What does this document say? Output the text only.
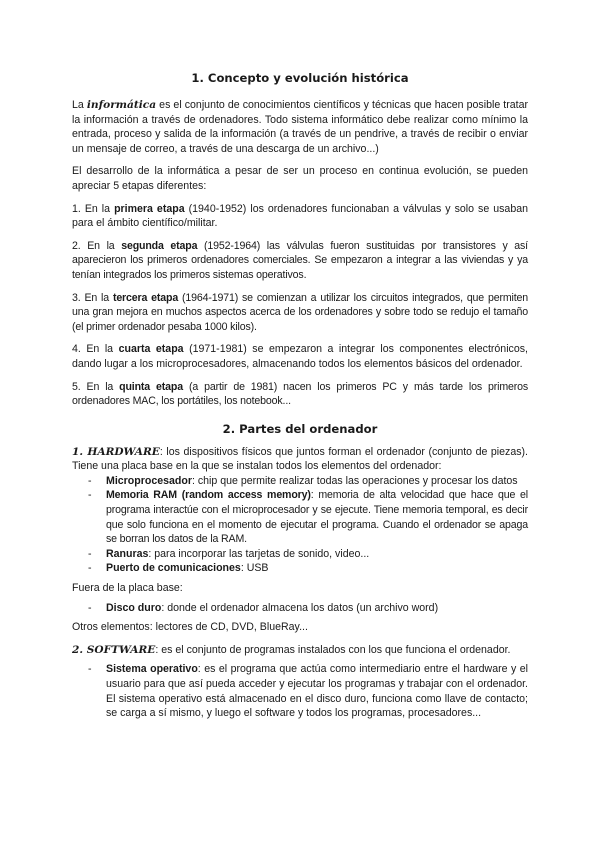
1. Concepto y evolución histórica

La informática es el conjunto de conocimientos científicos y técnicas que hacen posible tratar la información a través de ordenadores. Todo sistema informático debe realizar como mínimo la entrada, proceso y salida de la información (a través de un pendrive, a través de recibir o enviar un mensaje de correo, a través de una descarga de un archivo...)

El desarrollo de la informática a pesar de ser un proceso en continua evolución, se pueden apreciar 5 etapas diferentes:

1. En la primera etapa (1940-1952) los ordenadores funcionaban a válvulas y solo se usaban para el ámbito científico/militar.

2. En la segunda etapa (1952-1964) las válvulas fueron sustituidas por transistores y así aparecieron los primeros ordenadores comerciales. Se empezaron a integrar a las viviendas y ya tenían integrados los primeros sistemas operativos.

3. En la tercera etapa (1964-1971) se comienzan a utilizar los circuitos integrados, que permiten una gran mejora en muchos aspectos acerca de los ordenadores y sobre todo se redujo el tamaño (el primer ordenador pesaba 1000 kilos).

4. En la cuarta etapa (1971-1981) se empezaron a integrar los componentes electrónicos, dando lugar a los microprocesadores, almacenando todos los elementos básicos del ordenador.

5. En la quinta etapa (a partir de 1981) nacen los primeros PC y más tarde los primeros ordenadores MAC, los portátiles, los notebook...

2. Partes del ordenador

1. HARDWARE: los dispositivos físicos que juntos forman el ordenador (conjunto de piezas). Tiene una placa base en la que se instalan todos los elementos del ordenador:

- Microprocesador: chip que permite realizar todas las operaciones y procesar los datos
- Memoria RAM (random access memory): memoria de alta velocidad que hace que el programa interactúe con el microprocesador y se ejecute. Tiene memoria temporal, es decir que solo funciona en el momento de ejecutar el programa. Cuando el ordenador se apaga se borran los datos de la RAM.
- Ranuras: para incorporar las tarjetas de sonido, video...
- Puerto de comunicaciones: USB

Fuera de la placa base:

- Disco duro: donde el ordenador almacena los datos (un archivo word)

Otros elementos: lectores de CD, DVD, BlueRay...

2. SOFTWARE: es el conjunto de programas instalados con los que funciona el ordenador.

- Sistema operativo: es el programa que actúa como intermediario entre el hardware y el usuario para que así pueda acceder y ejecutar los programas y trabajar con el ordenador. El sistema operativo está almacenado en el disco duro, funciona como llave de contacto; se carga a sí mismo, y luego el software y todos los programas, procesadores...
